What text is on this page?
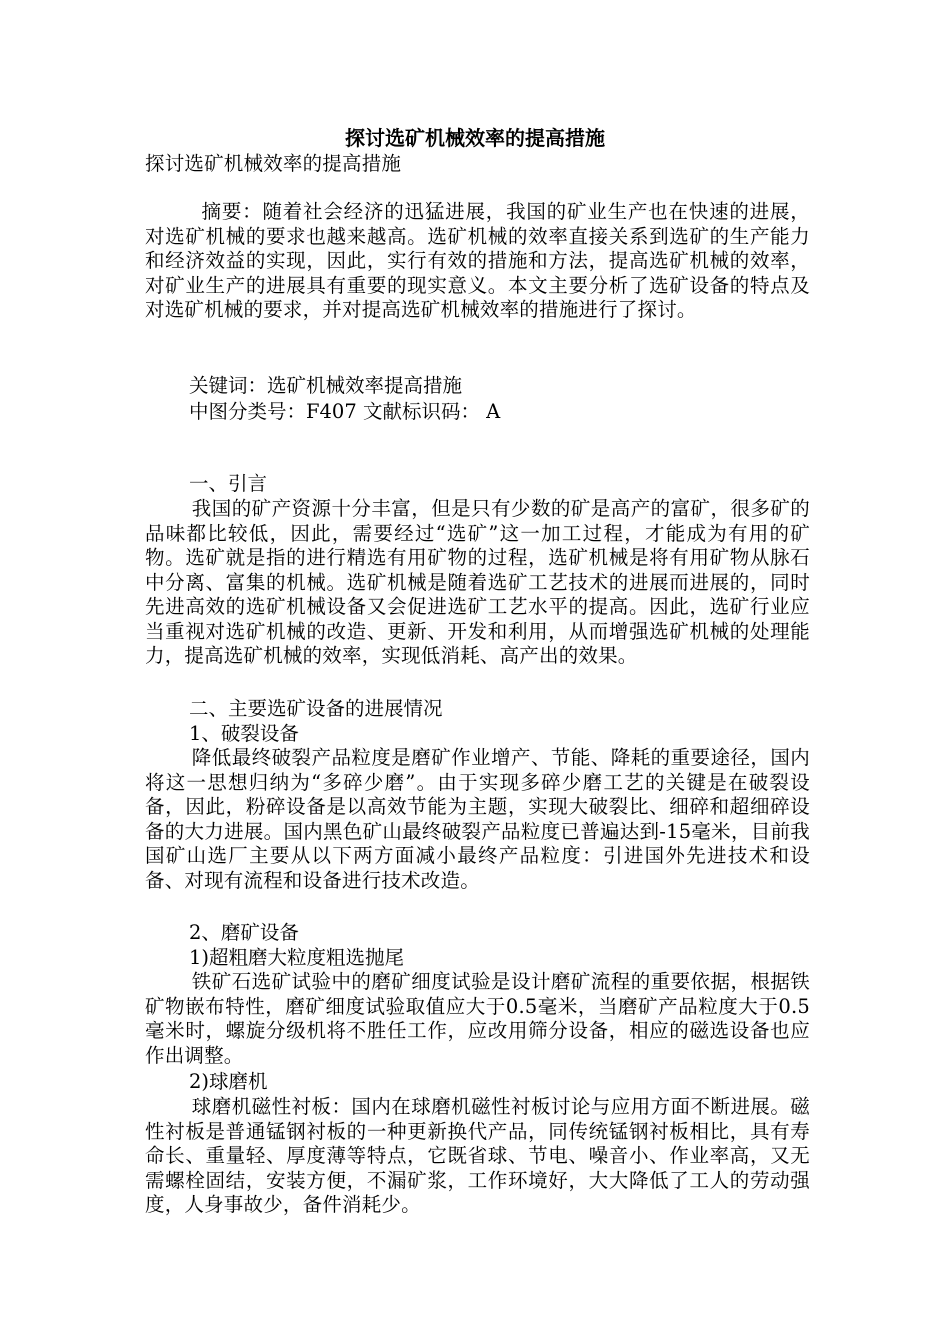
探讨选矿机械效率的提高措施
探讨选矿机械效率的提高措施
摘要：随着社会经济的迅猛进展，我国的矿业生产也在快速的进展，对选矿机械的要求也越来越高。选矿机械的效率直接关系到选矿的生产能力和经济效益的实现，因此，实行有效的措施和方法，提高选矿机械的效率，对矿业生产的进展具有重要的现实意义。本文主要分析了选矿设备的特点及对选矿机械的要求，并对提高选矿机械效率的措施进行了探讨。
关键词：选矿机械效率提高措施
中图分类号：F407 文献标识码： A
一、引言
我国的矿产资源十分丰富，但是只有少数的矿是高产的富矿，很多矿的品味都比较低，因此，需要经过“选矿”这一加工过程，才能成为有用的矿物。选矿就是指的进行精选有用矿物的过程，选矿机械是将有用矿物从脉石中分离、富集的机械。选矿机械是随着选矿工艺技术的进展而进展的，同时先进高效的选矿机械设备又会促进选矿工艺水平的提高。因此，选矿行业应当重视对选矿机械的改造、更新、开发和利用，从而增强选矿机械的处理能力，提高选矿机械的效率，实现低消耗、高产出的效果。
二、主要选矿设备的进展情况
1、破裂设备
降低最终破裂产品粒度是磨矿作业增产、节能、降耗的重要途径，国内将这一思想归纳为“多碎少磨”。由于实现多碎少磨工艺的关键是在破裂设备，因此，粉碎设备是以高效节能为主题，实现大破裂比、细碎和超细碎设备的大力进展。国内黑色矿山最终破裂产品粒度已普遍达到-15毫米，目前我国矿山选厂主要从以下两方面减小最终产品粒度：引进国外先进技术和设备、对现有流程和设备进行技术改造。
2、磨矿设备
1)超粗磨大粒度粗选抛尾
铁矿石选矿试验中的磨矿细度试验是设计磨矿流程的重要依据，根据铁矿物嵌布特性，磨矿细度试验取值应大于0.5毫米，当磨矿产品粒度大于0.5毫米时，螺旋分级机将不胜任工作，应改用筛分设备，相应的磁选设备也应作出调整。
2)球磨机
球磨机磁性衬板：国内在球磨机磁性衬板讨论与应用方面不断进展。磁性衬板是普通锰钢衬板的一种更新换代产品，同传统锰钢衬板相比，具有寿命长、重量轻、厚度薄等特点，它既省球、节电、噪音小、作业率高，又无需螺栓固结，安装方便，不漏矿浆，工作环境好，大大降低了工人的劳动强度，人身事故少，备件消耗少。
